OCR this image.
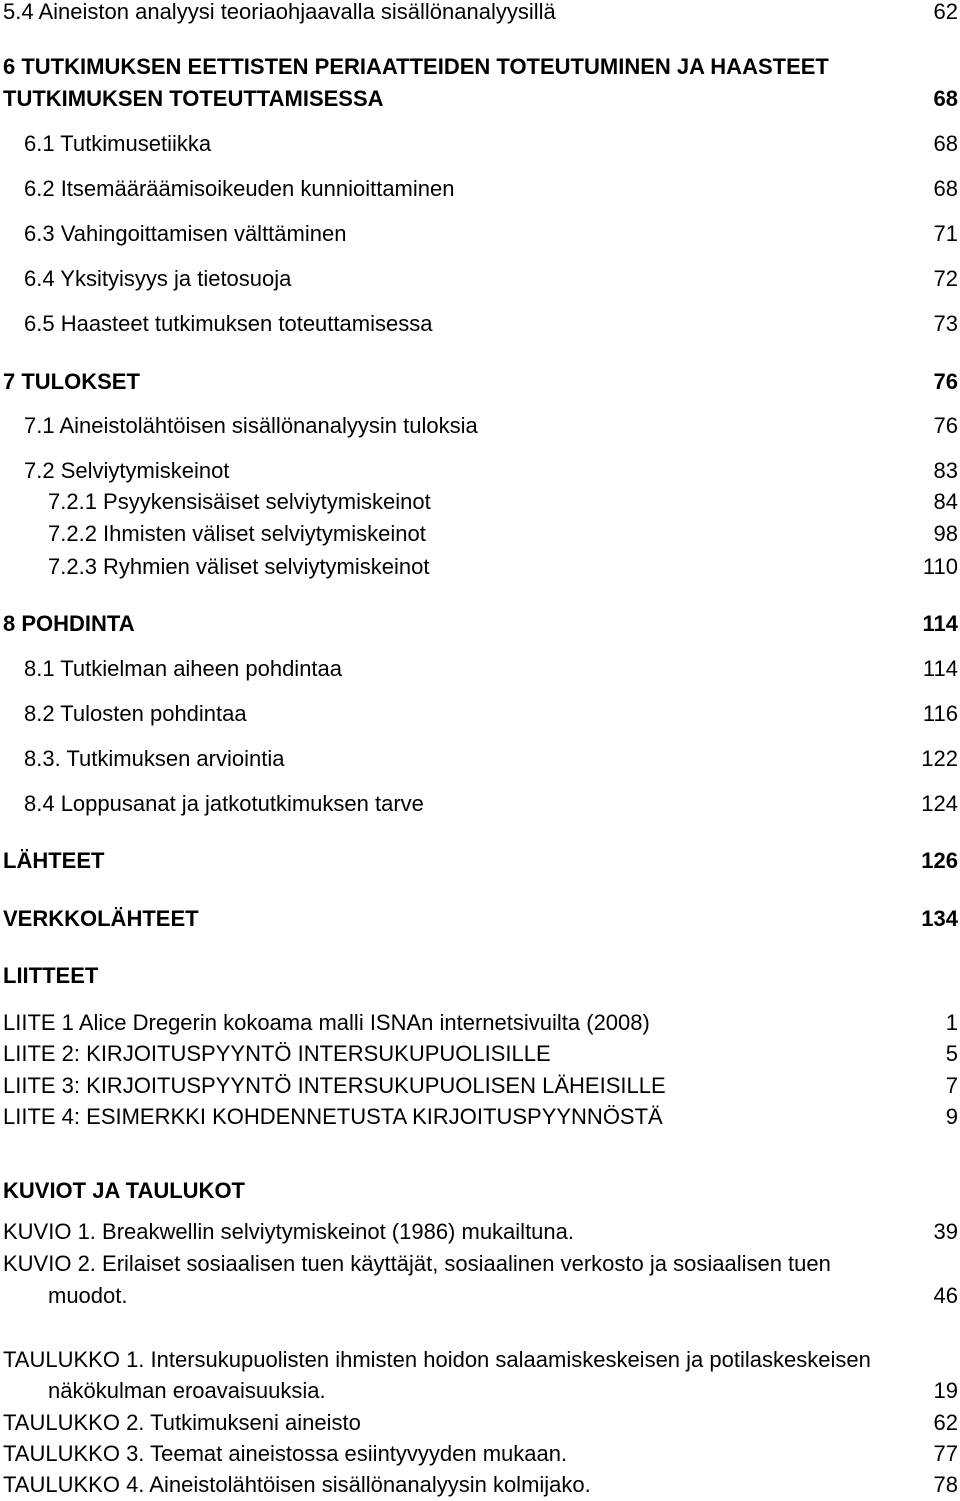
5.4 Aineiston analyysi teoriaohjaavalla sisällönanalyysillä	62
6 TUTKIMUKSEN EETTISTEN PERIAATTEIDEN TOTEUTUMINEN JA HAASTEET
TUTKIMUKSEN TOTEUTTAMISESSA	68
6.1 Tutkimusetiikka	68
6.2 Itsemääräämisoikeuden kunnioittaminen	68
6.3 Vahingoittamisen välttäminen	71
6.4 Yksityisyys ja tietosuoja	72
6.5 Haasteet tutkimuksen toteuttamisessa	73
7 TULOKSET	76
7.1 Aineistolähtöisen sisällönanalyysin tuloksia	76
7.2 Selviytymiskeinot	83
7.2.1 Psyykensisäiset selviytymiskeinot	84
7.2.2 Ihmisten väliset selviytymiskeinot	98
7.2.3 Ryhmien väliset selviytymiskeinot	110
8 POHDINTA	114
8.1 Tutkielman aiheen pohdintaa	114
8.2 Tulosten pohdintaa	116
8.3. Tutkimuksen arviointia	122
8.4 Loppusanat ja jatkotutkimuksen tarve	124
LÄHTEET	126
VERKKOLÄHTEET	134
LIITTEET
LIITE 1 Alice Dregerin kokoama malli ISNAn internetsivuilta (2008)	1
LIITE 2: KIRJOITUSPYYNTÖ INTERSUKUPUOLISILLE	5
LIITE 3: KIRJOITUSPYYNTÖ INTERSUKUPUOLISEN LÄHEISILLE	7
LIITE 4: ESIMERKKI KOHDENNETUSTA KIRJOITUSPYYNNÖSTÄ	9
KUVIOT JA TAULUKOT
KUVIO 1. Breakwellin selviytymiskeinot (1986) mukailtuna.	39
KUVIO 2. Erilaiset sosiaalisen tuen käyttäjät, sosiaalinen verkosto ja sosiaalisen tuen
muodot.	46
TAULUKKO 1. Intersukupuolisten ihmisten hoidon salaamiskeskeisen ja potilaskeskeisen
näkökulman eroavaisuuksia.	19
TAULUKKO 2. Tutkimukseni aineisto	62
TAULUKKO 3. Teemat aineistossa esiintyvyyden mukaan.	77
TAULUKKO 4. Aineistolähtöisen sisällönanalyysin kolmijako.	78
